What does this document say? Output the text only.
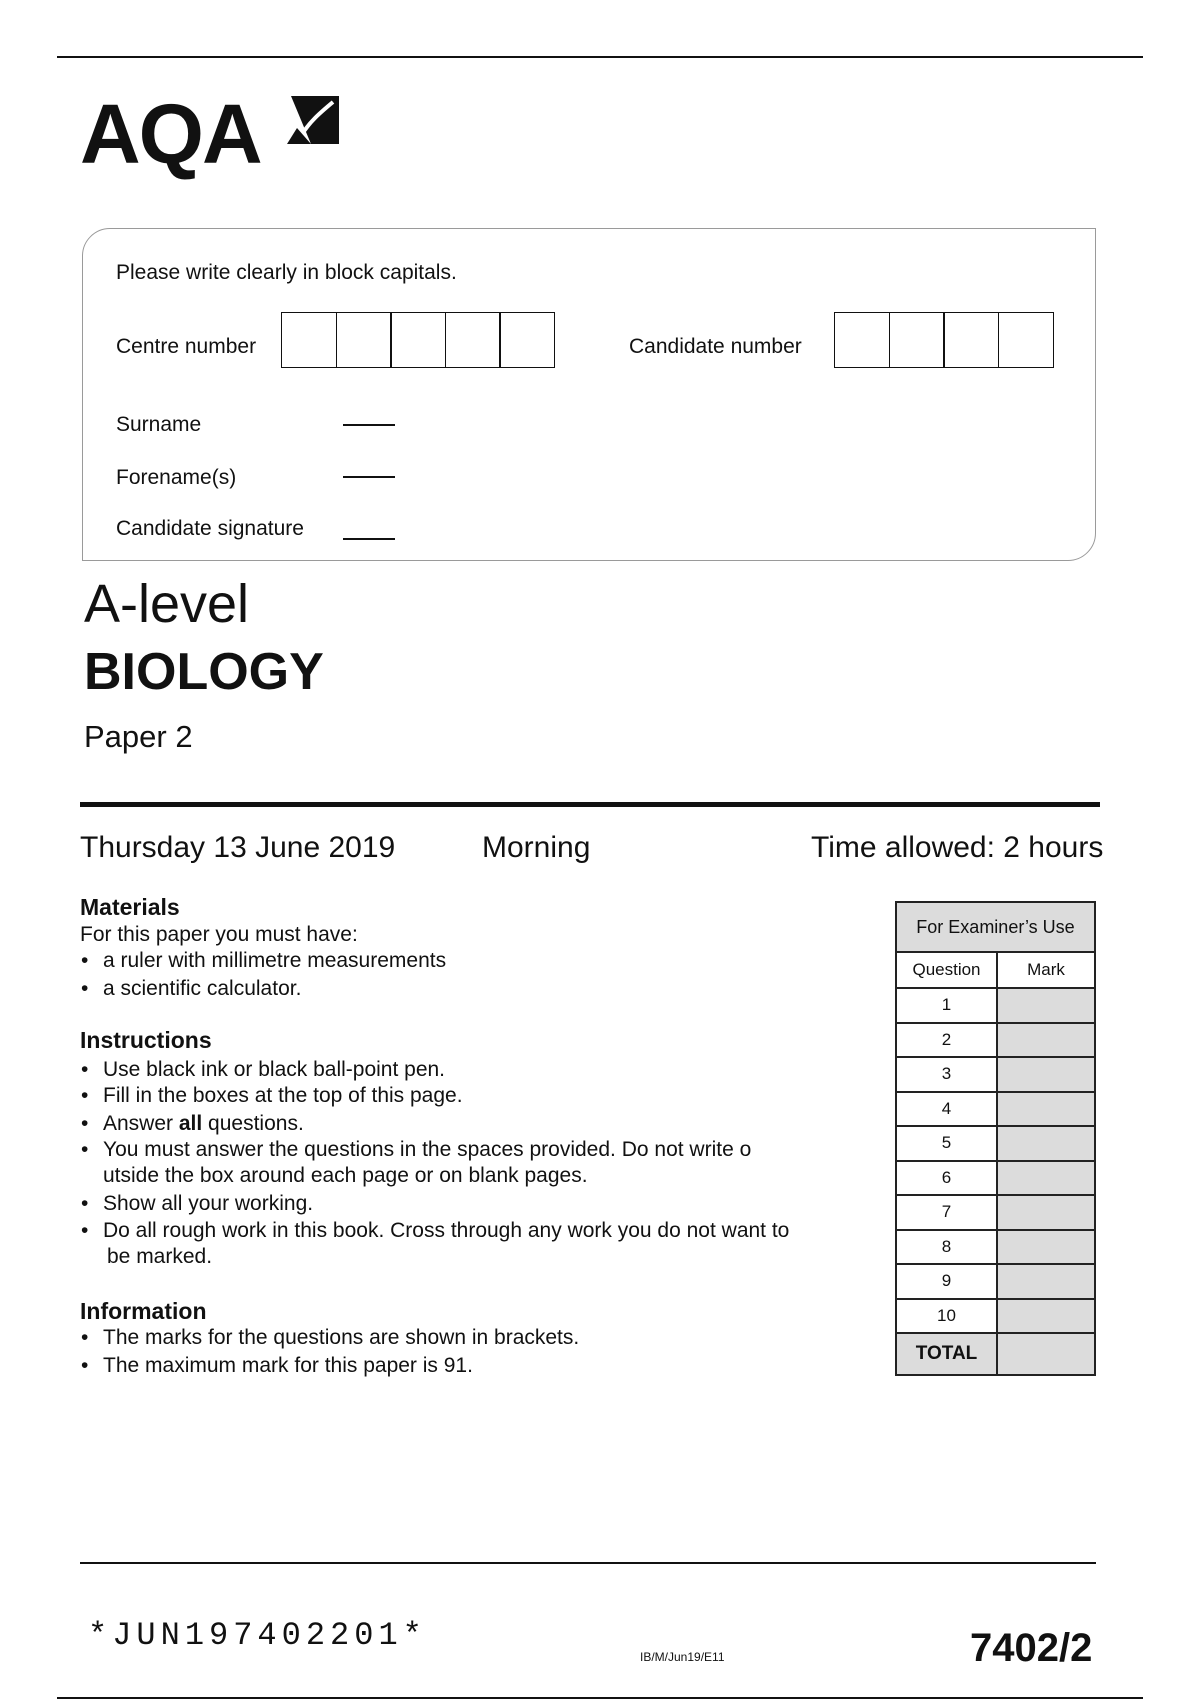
AQA
Please write clearly in block capitals.
Centre number	Candidate number
Surname
Forename(s)
Candidate signature
A-level
BIOLOGY
Paper 2
Thursday 13 June 2019	Morning	Time allowed: 2 hours
Materials
For this paper you must have:
• a ruler with millimetre measurements
• a scientific calculator.
Instructions
• Use black ink or black ball-point pen.
• Fill in the boxes at the top of this page.
• Answer all questions.
• You must answer the questions in the spaces provided. Do not write o
utside the box around each page or on blank pages.
• Show all your working.
• Do all rough work in this book. Cross through any work you do not want to
be marked.
Information
• The marks for the questions are shown in brackets.
• The maximum mark for this paper is 91.
For Examiner’s Use
Question	Mark
1
2
3
4
5
6
7
8
9
10
TOTAL
*JUN197402201*
IB/M/Jun19/E11	7402/2
